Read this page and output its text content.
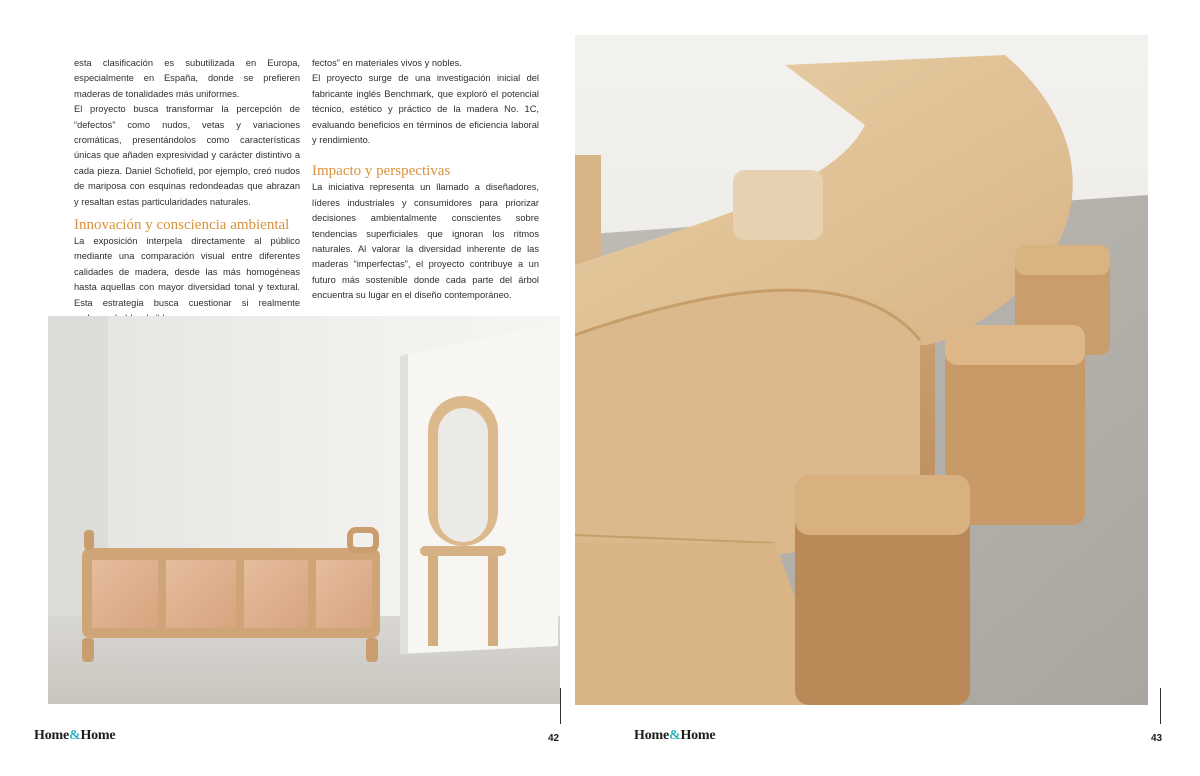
esta clasificación es subutilizada en Europa, especialmente en España, donde se prefieren maderas de tonalidades más uniformes.

El proyecto busca transformar la percepción de “defectos” como nudos, vetas y variaciones cromáticas, presentándolos como características únicas que añaden expresividad y carácter distintivo a cada pieza. Daniel Schofield, por ejemplo, creó nudos de mariposa con esquinas redondeadas que abrazan y resaltan estas particularidades naturales.

Innovación y consciencia ambiental

La exposición interpela directamente al público mediante una comparación visual entre diferentes calidades de madera, desde las más homogéneas hasta aquellas con mayor diversidad tonal y textural. Esta estrategia busca cuestionar si realmente

fectos” en materiales vivos y nobles.

El proyecto surge de una investigación inicial del fabricante inglés Benchmark, que exploró el potencial técnico, estético y práctico de la madera No. 1C, evaluando beneficios en términos de eficiencia laboral y rendimiento.

Impacto y perspectivas

La iniciativa representa un llamado a diseñadores, líderes industriales y consumidores para priorizar decisiones ambientalmente conscientes sobre tendencias superficiales que ignoran los ritmos naturales. Al valorar la diversidad inherente de las maderas “imperfectas”, el proyecto contribuye a un futuro más sostenible donde cada parte del árbol encuentra su lugar en el diseño contemporáneo.

Home&Home	42	Home&Home	43
